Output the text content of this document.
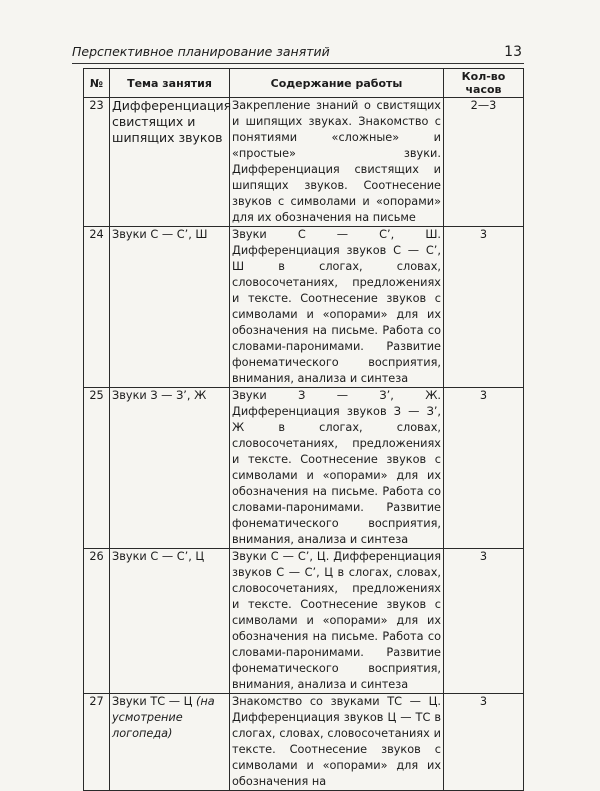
Перспективное планирование занятий	13
№	Тема занятия	Содержание работы	Кол-во часов
23	Дифференциация свистящих и шипящих звуков	Закрепление знаний о свистящих и шипящих звуках. Знакомство с понятиями «сложные» и «простые» звуки. Дифференциация свистящих и шипящих звуков. Соотнесение звуков с символами и «опорами» для их обозначения на письме	2—3
24	Звуки С — С’, Ш	Звуки С — С’, Ш. Дифференциация звуков С — С’, Ш в слогах, словах, словосочетаниях, предложениях и тексте. Соотнесение звуков с символами и «опорами» для их обозначения на письме. Работа со словами-паронимами. Развитие фонематического восприятия, внимания, анализа и синтеза	3
25	Звуки З — З’, Ж	Звуки З — З’, Ж. Дифференциация звуков З — З’, Ж в слогах, словах, словосочетаниях, предложениях и тексте. Соотнесение звуков с символами и «опорами» для их обозначения на письме. Работа со словами-паронимами. Развитие фонематического восприятия, внимания, анализа и синтеза	3
26	Звуки С — С’, Ц	Звуки С — С’, Ц. Дифференциация звуков С — С’, Ц в слогах, словах, словосочетаниях, предложениях и тексте. Соотнесение звуков с символами и «опорами» для их обозначения на письме. Работа со словами-паронимами. Развитие фонематического восприятия, внимания, анализа и синтеза	3
27	Звуки ТС — Ц (на усмотрение логопеда)	Знакомство со звуками ТС — Ц. Дифференциация звуков Ц — ТС в слогах, словах, словосочетаниях и тексте. Соотнесение звуков с символами и «опорами» для их обозначения на	3
